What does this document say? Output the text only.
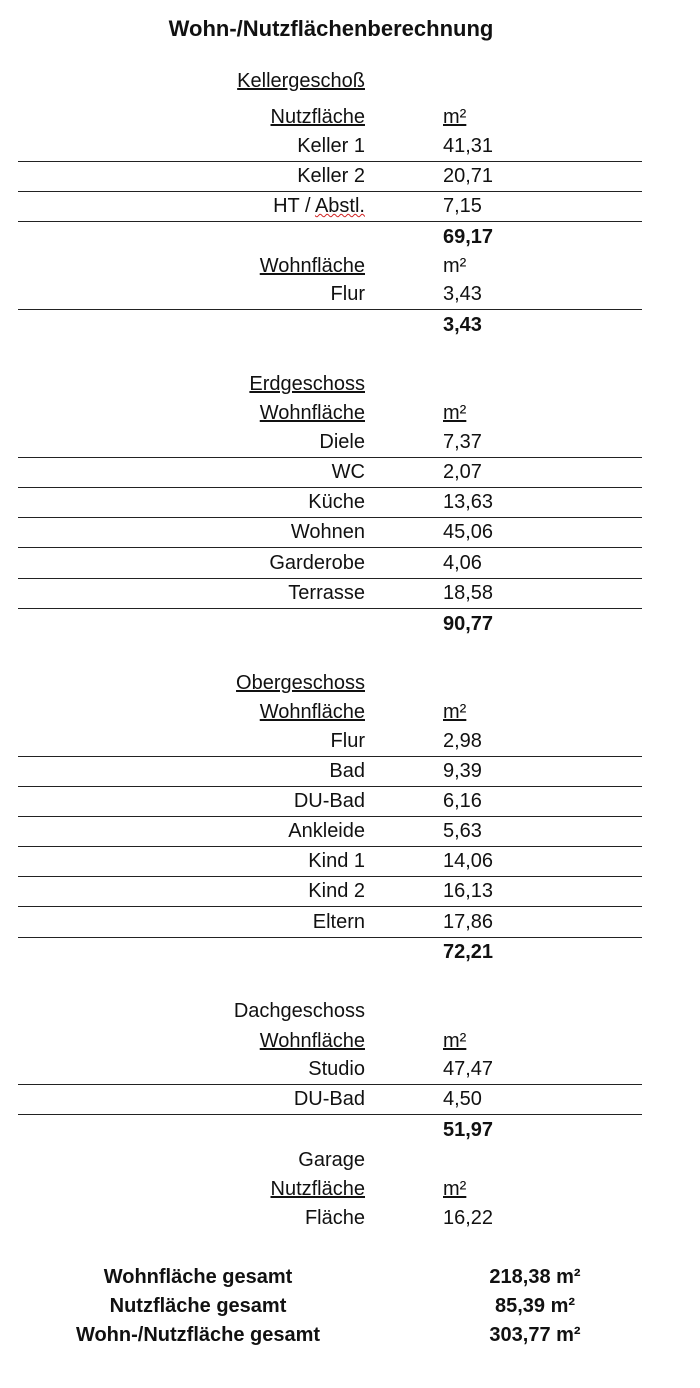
Wohn-/Nutzflächenberechnung
Kellergeschoß
Nutzfläche	m²
Keller 1	41,31
Keller 2	20,71
HT / Abstl.	7,15
69,17
Wohnfläche	m²
Flur	3,43
3,43
Erdgeschoss
Wohnfläche	m²
Diele	7,37
WC	2,07
Küche	13,63
Wohnen	45,06
Garderobe	4,06
Terrasse	18,58
90,77
Obergeschoss
Wohnfläche	m²
Flur	2,98
Bad	9,39
DU-Bad	6,16
Ankleide	5,63
Kind 1	14,06
Kind 2	16,13
Eltern	17,86
72,21
Dachgeschoss
Wohnfläche	m²
Studio	47,47
DU-Bad	4,50
51,97
Garage
Nutzfläche	m²
Fläche	16,22
Wohnfläche gesamt	218,38 m²
Nutzfläche gesamt	85,39 m²
Wohn-/Nutzfläche gesamt	303,77 m²
